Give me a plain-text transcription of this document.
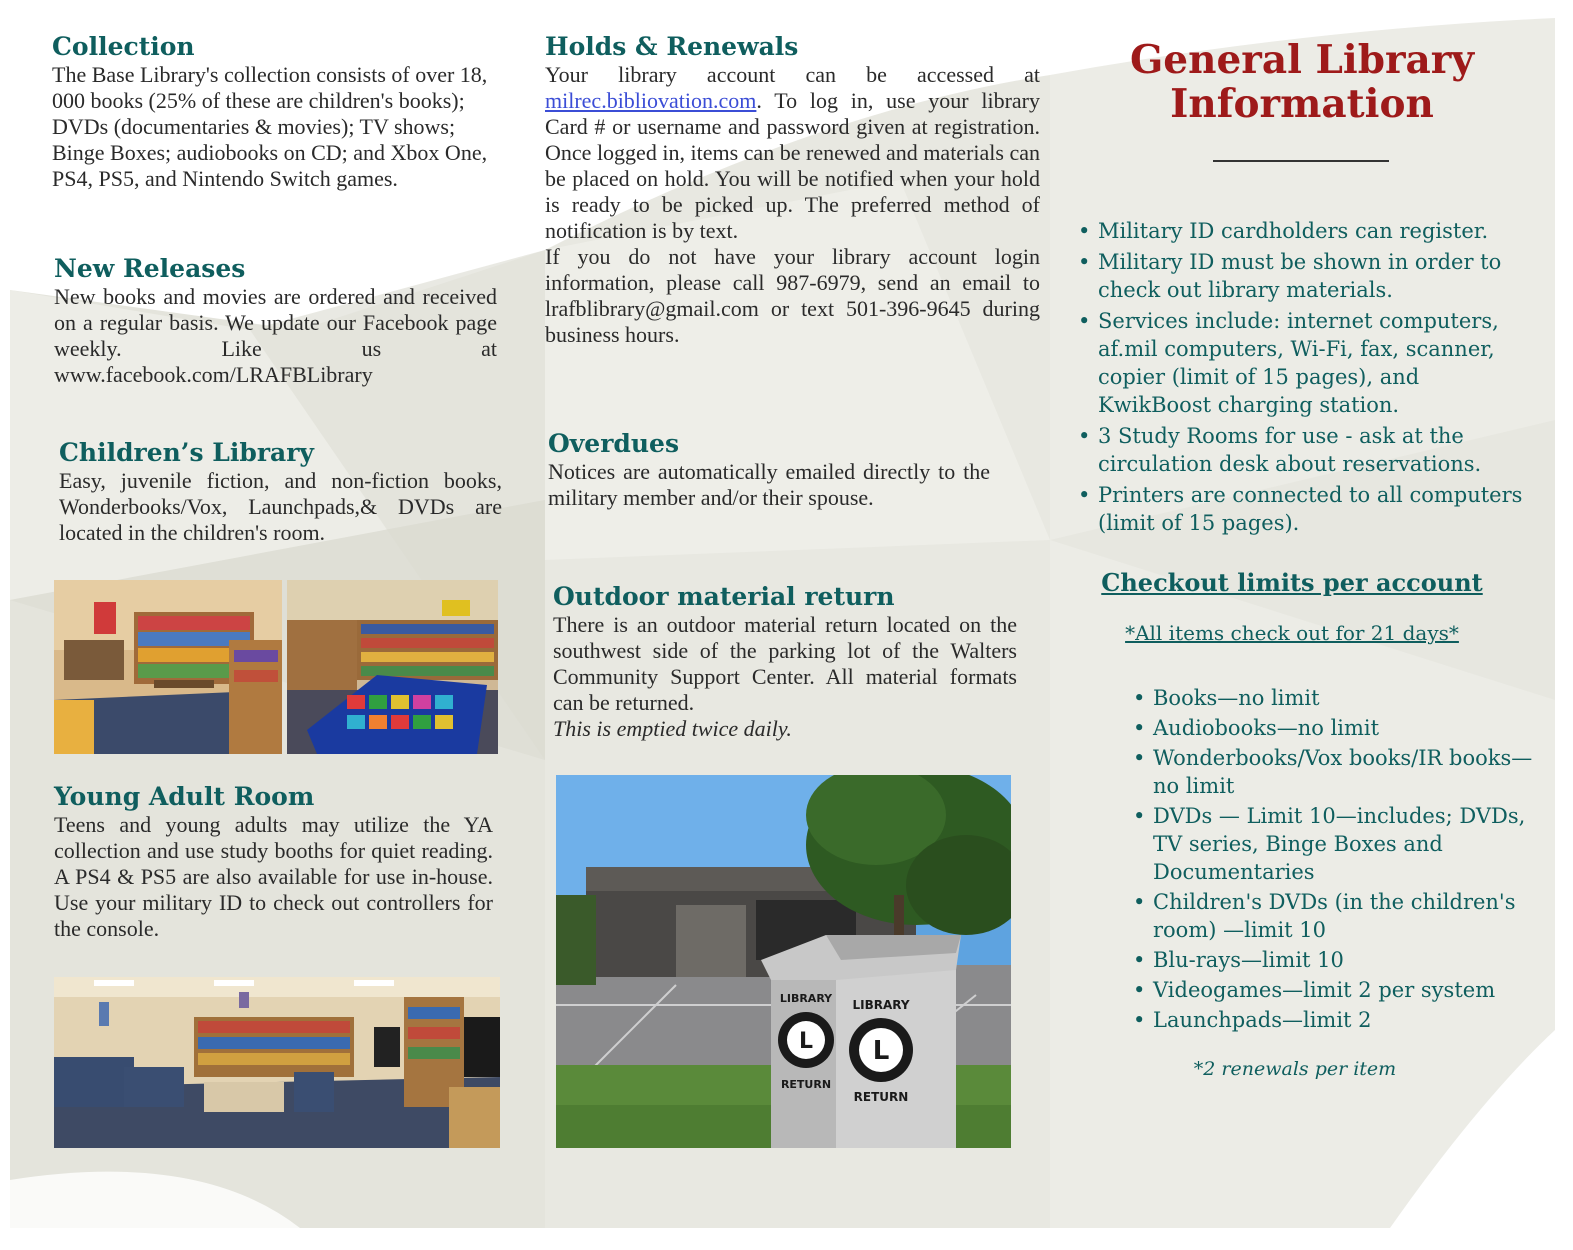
Collection

The Base Library's collection consists of over 18, 000 books (25% of these are children's books); DVDs (documentaries & movies); TV shows; Binge Boxes; audiobooks on CD; and Xbox One, PS4, PS5, and Nintendo Switch games.

New Releases

New books and movies are ordered and received on a regular basis. We update our Facebook page weekly. Like us at www.facebook.com/LRAFBLibrary

Children’s Library

Easy, juvenile fiction, and non-fiction books, Wonderbooks/Vox, Launchpads,& DVDs are located in the children's room.

Young Adult Room

Teens and young adults may utilize the YA collection and use study booths for quiet reading. A PS4 & PS5 are also available for use in-house. Use your military ID to check out controllers for the console.

Holds & Renewals

Your library account can be accessed at milrec.bibliovation.com. To log in, use your library Card # or username and password given at registration. Once logged in, items can be renewed and materials can be placed on hold. You will be notified when your hold is ready to be picked up. The preferred method of notification is by text.

If you do not have your library account login information, please call 987-6979, send an email to lrafblibrary@gmail.com or text 501-396-9645 during business hours.

Overdues

Notices are automatically emailed directly to the military member and/or their spouse.

Outdoor material return

There is an outdoor material return located on the southwest side of the parking lot of the Walters Community Support Center. All material formats can be returned.

This is emptied twice daily.

L L
LIBRARY
RETURN
LIBRARY
RETURN
General Library Information
• Military ID cardholders can register.
• Military ID must be shown in order to check out library materials.
• Services include: internet computers, af.mil computers, Wi-Fi, fax, scanner, copier (limit of 15 pages), and KwikBoost charging station.
• 3 Study Rooms for use - ask at the circulation desk about reservations.
• Printers are connected to all computers (limit of 15 pages).
Checkout limits per account

*All items check out for 21 days*

• Books—no limit
• Audiobooks—no limit
• Wonderbooks/Vox books/IR books—no limit
• DVDs — Limit 10—includes; DVDs, TV series, Binge Boxes and Documentaries
• Children's DVDs (in the children's room) —limit 10
• Blu-rays—limit 10
• Videogames—limit 2 per system
• Launchpads—limit 2

*2 renewals per item
